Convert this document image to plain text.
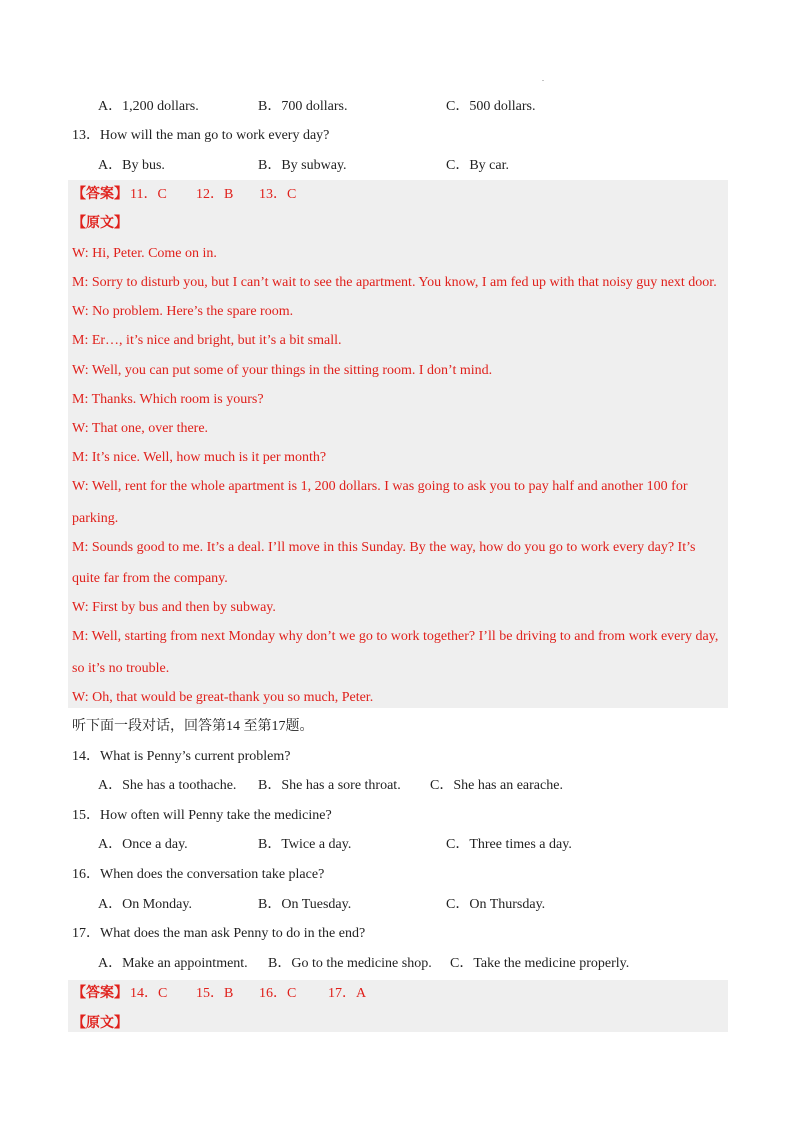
.
A．1,200 dollars.	B．700 dollars.	C．500 dollars.
13．How will the man go to work every day?
A．By bus.	B．By subway.	C．By car.
【答案】 11．C 12．B 13．C
【原文】
W: Hi, Peter. Come on in.
M: Sorry to disturb you, but I can’t wait to see the apartment. You know, I am fed up with that noisy guy next door.
W: No problem. Here’s the spare room.
M: Er…, it’s nice and bright, but it’s a bit small.
W: Well, you can put some of your things in the sitting room. I don’t mind.
M: Thanks. Which room is yours?
W: That one, over there.
M: It’s nice. Well, how much is it per month?
W: Well, rent for the whole apartment is 1, 200 dollars. I was going to ask you to pay half and another 100 for
parking.
M: Sounds good to me. It’s a deal. I’ll move in this Sunday. By the way, how do you go to work every day? It’s
quite far from the company.
W: First by bus and then by subway.
M: Well, starting from next Monday why don’t we go to work together? I’ll be driving to and from work every day,
so it’s no trouble.
W: Oh, that would be great-thank you so much, Peter.
听下面一段对话，回答第14 至第17题。
14．What is Penny’s current problem?
A．She has a toothache. B．She has a sore throat. C．She has an earache.
15．How often will Penny take the medicine?
A．Once a day.	B．Twice a day.	C．Three times a day.
16．When does the conversation take place?
A．On Monday.	B．On Tuesday.	C．On Thursday.
17．What does the man ask Penny to do in the end?
A．Make an appointment. B．Go to the medicine shop. C．Take the medicine properly.
【答案】 14．C 15．B 16．C 17．A
【原文】
